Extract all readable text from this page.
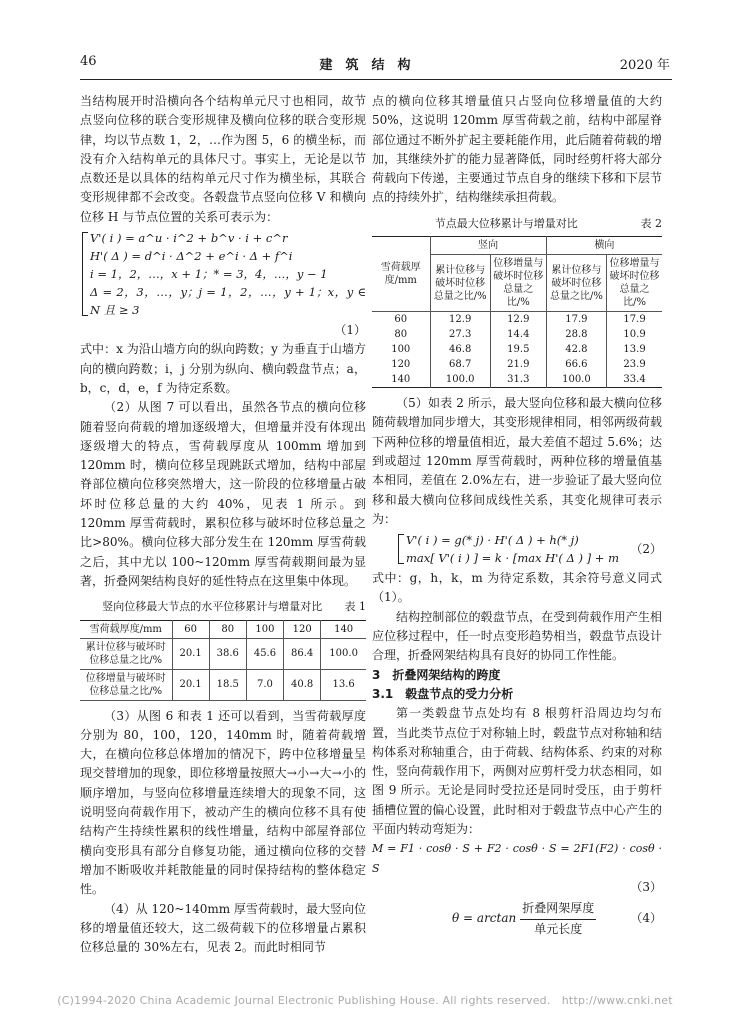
46	建　筑　结　构	2020 年

当结构展开时沿横向各个结构单元尺寸也相同，故节点竖向位移的联合变形规律及横向位移的联合变形规律，均以节点数 1，2，…作为图 5，6 的横坐标，而没有介入结构单元的具体尺寸。事实上，无论是以节点数还是以具体的结构单元尺寸作为横坐标，其联合变形规律都不会改变。各毂盘节点竖向位移 V 和横向位移 H 与节点位置的关系可表示为：

V'( i ) = a^u · i^2 + b^v · i + c^r
H'( Δ ) = d^i · Δ^2 + e^i · Δ + f^i
i = 1，2，…，x + 1；* = 3，4，…，y − 1
Δ = 2，3，…，y；j = 1，2，…，y + 1；x，y ∈ N 且 ≥ 3
（1）

式中：x 为沿山墙方向的纵向跨数；y 为垂直于山墙方向的横向跨数；i，j 分别为纵向、横向毂盘节点；a，b，c，d，e，f 为待定系数。

（2）从图 7 可以看出，虽然各节点的横向位移随着竖向荷载的增加逐级增大，但增量并没有体现出逐级增大的特点，雪荷载厚度从 100mm 增加到 120mm 时，横向位移呈现跳跃式增加，结构中部屋脊部位横向位移突然增大，这一阶段的位移增量占破坏时位移总量的大约 40%，见表 1 所示。到 120mm 厚雪荷载时，累积位移与破坏时位移总量之比>80%。横向位移大部分发生在 120mm 厚雪荷载之后，其中尤以 100~120mm 厚雪荷载期间最为显著，折叠网架结构良好的延性特点在这里集中体现。

竖向位移最大节点的水平位移累计与增量对比	表 1
雪荷载厚度/mm	60	80	100	120	140
累计位移与破坏时位移总量之比/%	20.1	38.6	45.6	86.4	100.0
位移增量与破坏时位移总量之比/%	20.1	18.5	7.0	40.8	13.6

（3）从图 6 和表 1 还可以看到，当雪荷载厚度分别为 80，100，120，140mm 时，随着荷载增大，在横向位移总体增加的情况下，跨中位移增量呈现交替增加的现象，即位移增量按照大→小→大→小的顺序增加，与竖向位移增量连续增大的现象不同，这说明竖向荷载作用下，被动产生的横向位移不具有使结构产生持续性累积的线性增量，结构中部屋脊部位横向变形具有部分自修复功能，通过横向位移的交替增加不断吸收并耗散能量的同时保持结构的整体稳定性。

（4）从 120~140mm 厚雪荷载时，最大竖向位移的增量值还较大，这二级荷载下的位移增量占累积位移总量的 30%左右，见表 2。而此时相同节

点的横向位移其增量值只占竖向位移增量值的大约 50%，这说明 120mm 厚雪荷载之前，结构中部屋脊部位通过不断外扩起主要耗能作用，此后随着荷载的增加，其继续外扩的能力显著降低，同时经剪杆将大部分荷载向下传递，主要通过节点自身的继续下移和下层节点的持续外扩，结构继续承担荷载。

节点最大位移累计与增量对比	表 2
雪荷载厚度/mm	竖向		横向	
	累计位移与破坏时位移总量之比/%	位移增量与破坏时位移总量之比/%	累计位移与破坏时位移总量之比/%	位移增量与破坏时位移总量之比/%
60	12.9	12.9	17.9	17.9
80	27.3	14.4	28.8	10.9
100	46.8	19.5	42.8	13.9
120	68.7	21.9	66.6	23.9
140	100.0	31.3	100.0	33.4

（5）如表 2 所示，最大竖向位移和最大横向位移随荷载增加同步增大，其变形规律相同，相邻两级荷载下两种位移的增量值相近，最大差值不超过 5.6%；达到或超过 120mm 厚雪荷载时，两种位移的增量值基本相同，差值在 2.0%左右，进一步验证了最大竖向位移和最大横向位移间成线性关系，其变化规律可表示为：

V'( i ) = g(* j) · H'( Δ ) + h(* j)
max[ V'( i ) ] = k · [max H'( Δ ) ] + m
（2）

式中：g，h，k，m 为待定系数，其余符号意义同式（1）。

结构控制部位的毂盘节点，在受到荷载作用产生相应位移过程中，任一时点变形趋势相当，毂盘节点设计合理，折叠网架结构具有良好的协同工作性能。

3　折叠网架结构的跨度

3.1　毂盘节点的受力分析

第一类毂盘节点处均有 8 根剪杆沿周边均匀布置，当此类节点位于对称轴上时，毂盘节点对称轴和结构体系对称轴重合，由于荷载、结构体系、约束的对称性，竖向荷载作用下，两侧对应剪杆受力状态相同，如图 9 所示。无论是同时受拉还是同时受压，由于剪杆插槽位置的偏心设置，此时相对于毂盘节点中心产生的平面内转动弯矩为：

M = F1 · cosθ · S + F2 · cosθ · S = 2F1(F2) · cosθ · S
（3）
$\theta = \arctan \frac{\text{折叠网架厚度}}{\text{单元长度}}$	（4）
(C)1994-2020 China Academic Journal Electronic Publishing House. All rights reserved.　http://www.cnki.net
